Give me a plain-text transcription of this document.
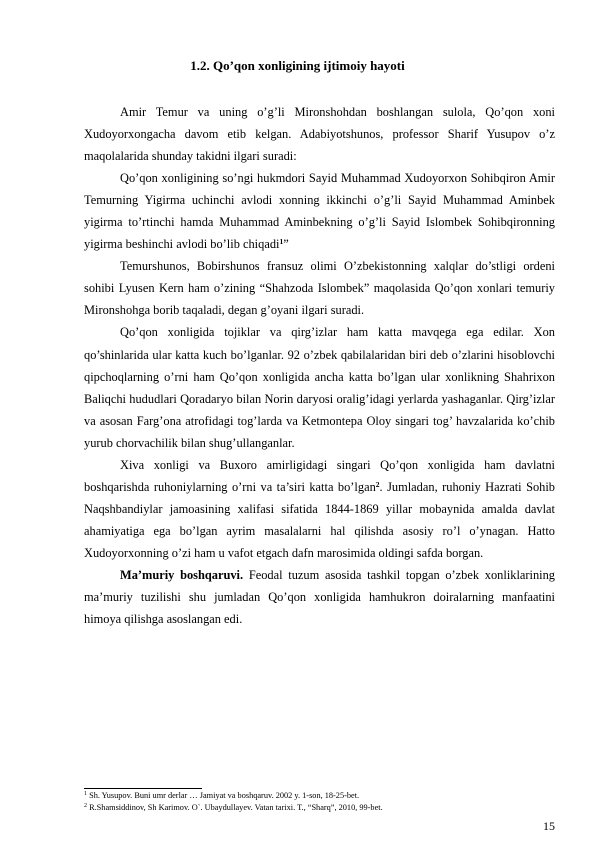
1.2. Qo’qon xonligining ijtimoiy hayoti

Amir Temur va uning o’g’li Mironshohdan boshlangan sulola, Qo’qon xoni Xudoyorxongacha davom etib kelgan. Adabiyotshunos, professor Sharif Yusupov o’z maqolalarida shunday takidni ilgari suradi:

Qo’qon xonligining so’ngi hukmdori Sayid Muhammad Xudoyorxon Sohibqiron Amir Temurning Yigirma uchinchi avlodi xonning ikkinchi o’g’li Sayid Muhammad Aminbek yigirma to’rtinchi hamda Muhammad Aminbekning o’g’li Sayid Islombek Sohibqironning yigirma beshinchi avlodi bo’lib chiqadi$^1$”

Temurshunos, Bobirshunos fransuz olimi O’zbekistonning xalqlar do’stligi ordeni sohibi Lyusen Kern ham o’zining “Shahzoda Islombek” maqolasida Qo’qon xonlari temuriy Mironshohga borib taqaladi, degan g’oyani ilgari suradi.

Qo’qon xonligida tojiklar va qirg’izlar ham katta mavqega ega edilar. Xon qo’shinlarida ular katta kuch bo’lganlar. 92 o’zbek qabilalaridan biri deb o’zlarini hisoblovchi qipchoqlarning o’rni ham Qo’qon xonligida ancha katta bo’lgan ular xonlikning Shahrixon Baliqchi hududlari Qoradaryo bilan Norin daryosi oralig’idagi yerlarda yashaganlar. Qirg’izlar va asosan Farg’ona atrofidagi tog’larda va Ketmontepa Oloy singari tog’ havzalarida ko’chib yurub chorvachilik bilan shug’ullanganlar.

Xiva xonligi va Buxoro amirligidagi singari Qo’qon xonligida ham davlatni boshqarishda ruhoniylarning o’rni va ta’siri katta bo’lgan$^2$. Jumladan, ruhoniy Hazrati Sohib Naqshbandiylar jamoasining xalifasi sifatida 1844-1869 yillar mobaynida amalda davlat ahamiyatiga ega bo’lgan ayrim masalalarni hal qilishda asosiy ro’l o’ynagan. Hatto Xudoyorxonning o’zi ham u vafot etgach dafn marosimida oldingi safda borgan.

Ma’muriy boshqaruvi. Feodal tuzum asosida tashkil topgan o’zbek xonliklarining ma’muriy tuzilishi shu jumladan Qo’qon xonligida hamhukron doiralarning manfaatini himoya qilishga asoslangan edi.

$^1$ Sh. Yusupov. Buni umr derlar … Jamiyat va boshqaruv. 2002 y. 1-son, 18-25-bet.
$^2$ R.Shamsiddinov, Sh Karimov. O`. Ubaydullayev. Vatan tarixi. T., “Sharq”, 2010, 99-bet.
15
